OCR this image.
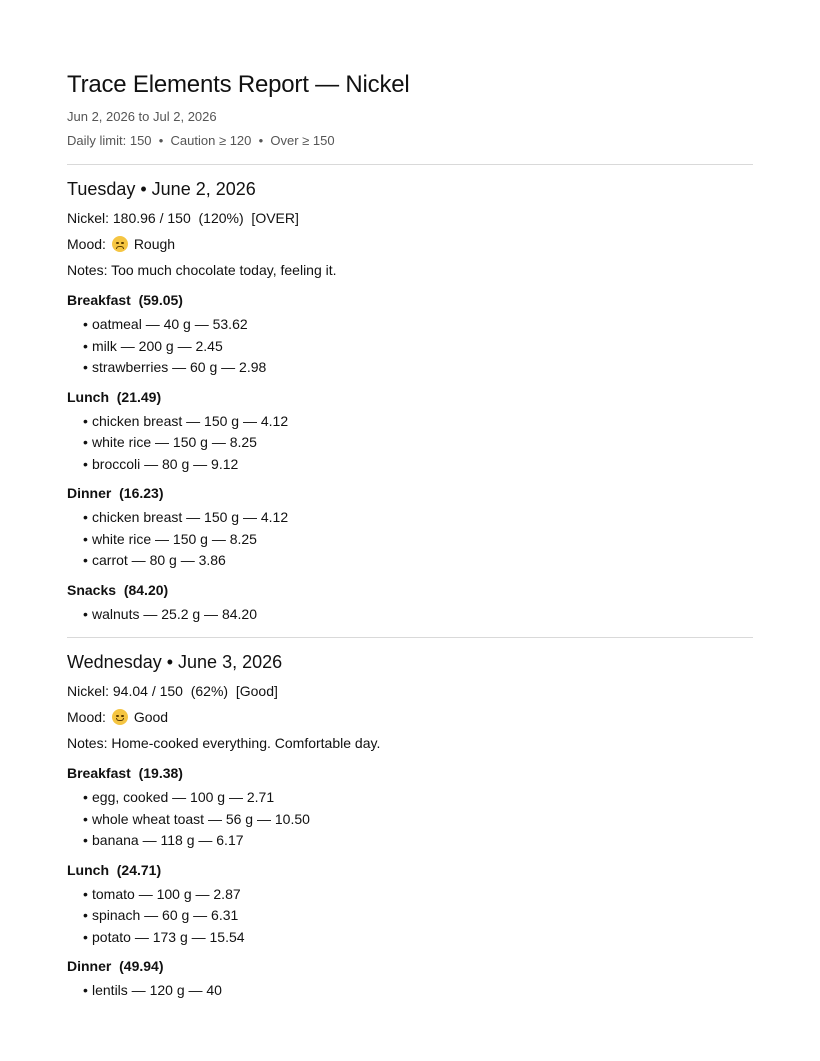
Trace Elements Report — Nickel
Jun 2, 2026 to Jul 2, 2026
Daily limit: 150  •  Caution ≥ 120  •  Over ≥ 150
Tuesday • June 2, 2026
Nickel: 180.96 / 150  (120%)  [OVER]
Mood: Rough
Notes: Too much chocolate today, feeling it.
Breakfast  (59.05)
• oatmeal — 40 g — 53.62
• milk — 200 g — 2.45
• strawberries — 60 g — 2.98
Lunch  (21.49)
• chicken breast — 150 g — 4.12
• white rice — 150 g — 8.25
• broccoli — 80 g — 9.12
Dinner  (16.23)
• chicken breast — 150 g — 4.12
• white rice — 150 g — 8.25
• carrot — 80 g — 3.86
Snacks  (84.20)
• walnuts — 25.2 g — 84.20
Wednesday • June 3, 2026
Nickel: 94.04 / 150  (62%)  [Good]
Mood: Good
Notes: Home-cooked everything. Comfortable day.
Breakfast  (19.38)
• egg, cooked — 100 g — 2.71
• whole wheat toast — 56 g — 10.50
• banana — 118 g — 6.17
Lunch  (24.71)
• tomato — 100 g — 2.87
• spinach — 60 g — 6.31
• potato — 173 g — 15.54
Dinner  (49.94)
• lentils — 120 g — 40
